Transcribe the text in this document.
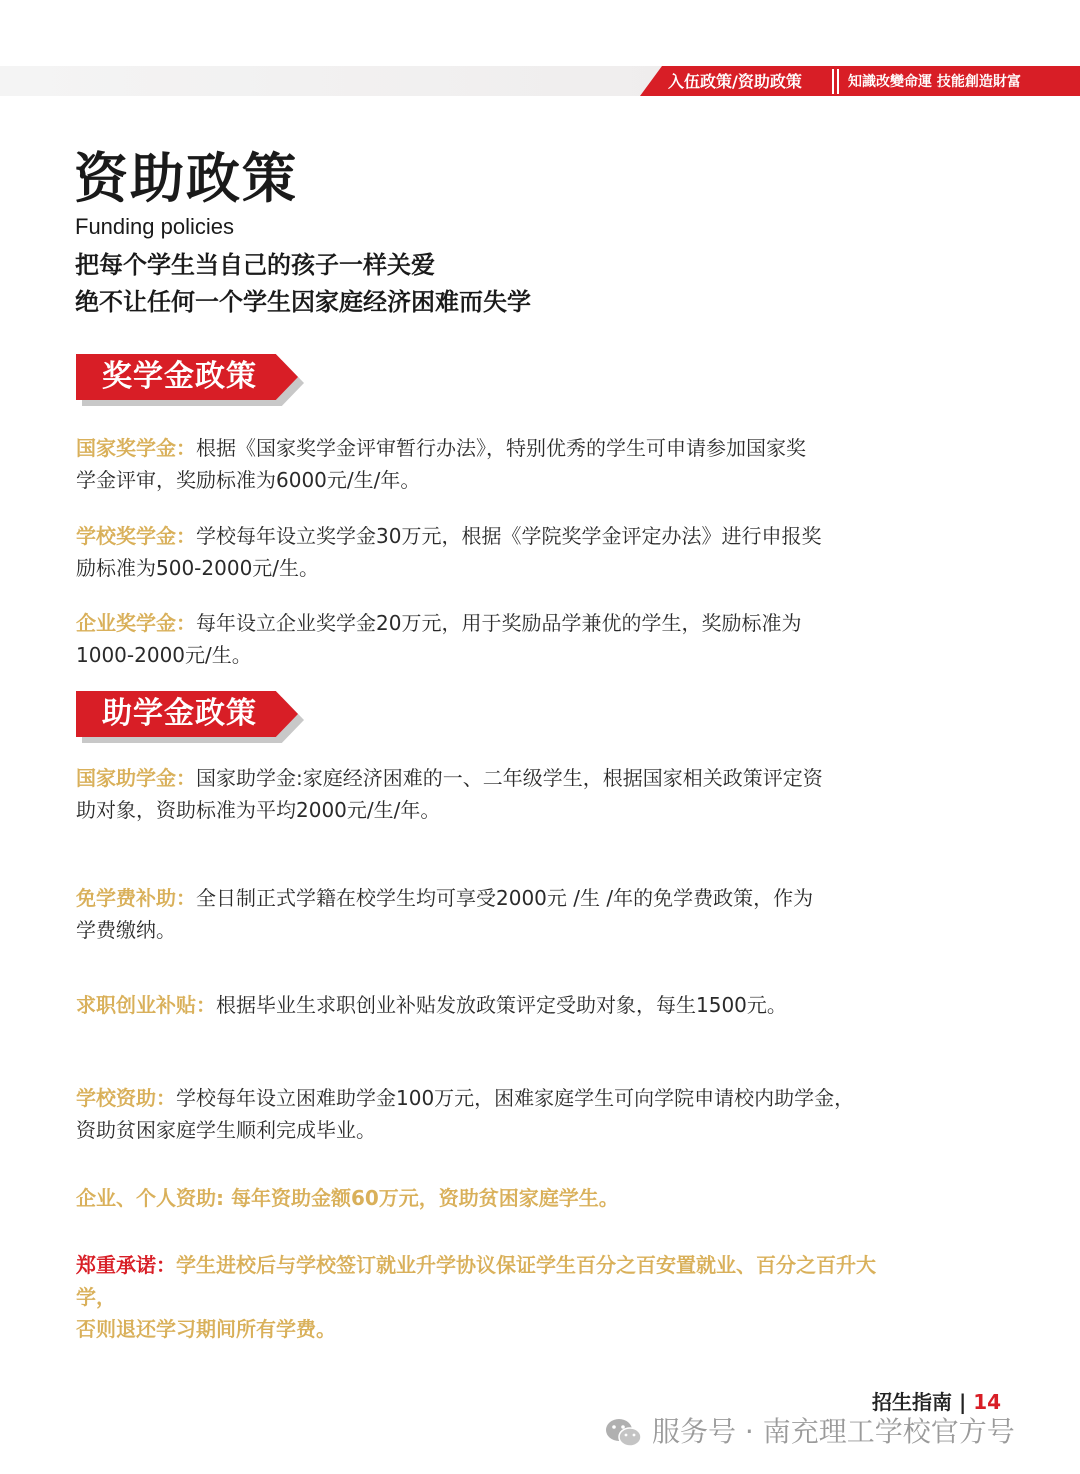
入伍政策/资助政策	知識改變命運 技能創造財富
资助政策
Funding policies
把每个学生当自己的孩子一样关爱
绝不让任何一个学生因家庭经济困难而失学
奖学金政策
国家奖学金：根据《国家奖学金评审暂行办法》，特别优秀的学生可申请参加国家奖
学金评审，奖励标准为6000元/生/年。
学校奖学金：学校每年设立奖学金30万元，根据《学院奖学金评定办法》进行申报奖
励标准为500-2000元/生。
企业奖学金：每年设立企业奖学金20万元，用于奖励品学兼优的学生，奖励标准为
1000-2000元/生。
助学金政策
国家助学金：国家助学金:家庭经济困难的一、二年级学生，根据国家相关政策评定资
助对象，资助标准为平均2000元/生/年。
免学费补助：全日制正式学籍在校学生均可享受2000元 /生 /年的免学费政策，作为
学费缴纳。
求职创业补贴：根据毕业生求职创业补贴发放政策评定受助对象，每生1500元。
学校资助：学校每年设立困难助学金100万元，困难家庭学生可向学院申请校内助学金，
资助贫困家庭学生顺利完成毕业。
企业、个人资助: 每年资助金额60万元，资助贫困家庭学生。
郑重承诺：学生进校后与学校签订就业升学协议保证学生百分之百安置就业、百分之百升大学，
否则退还学习期间所有学费。
招生指南 | 14
服务号 · 南充理工学校官方号
